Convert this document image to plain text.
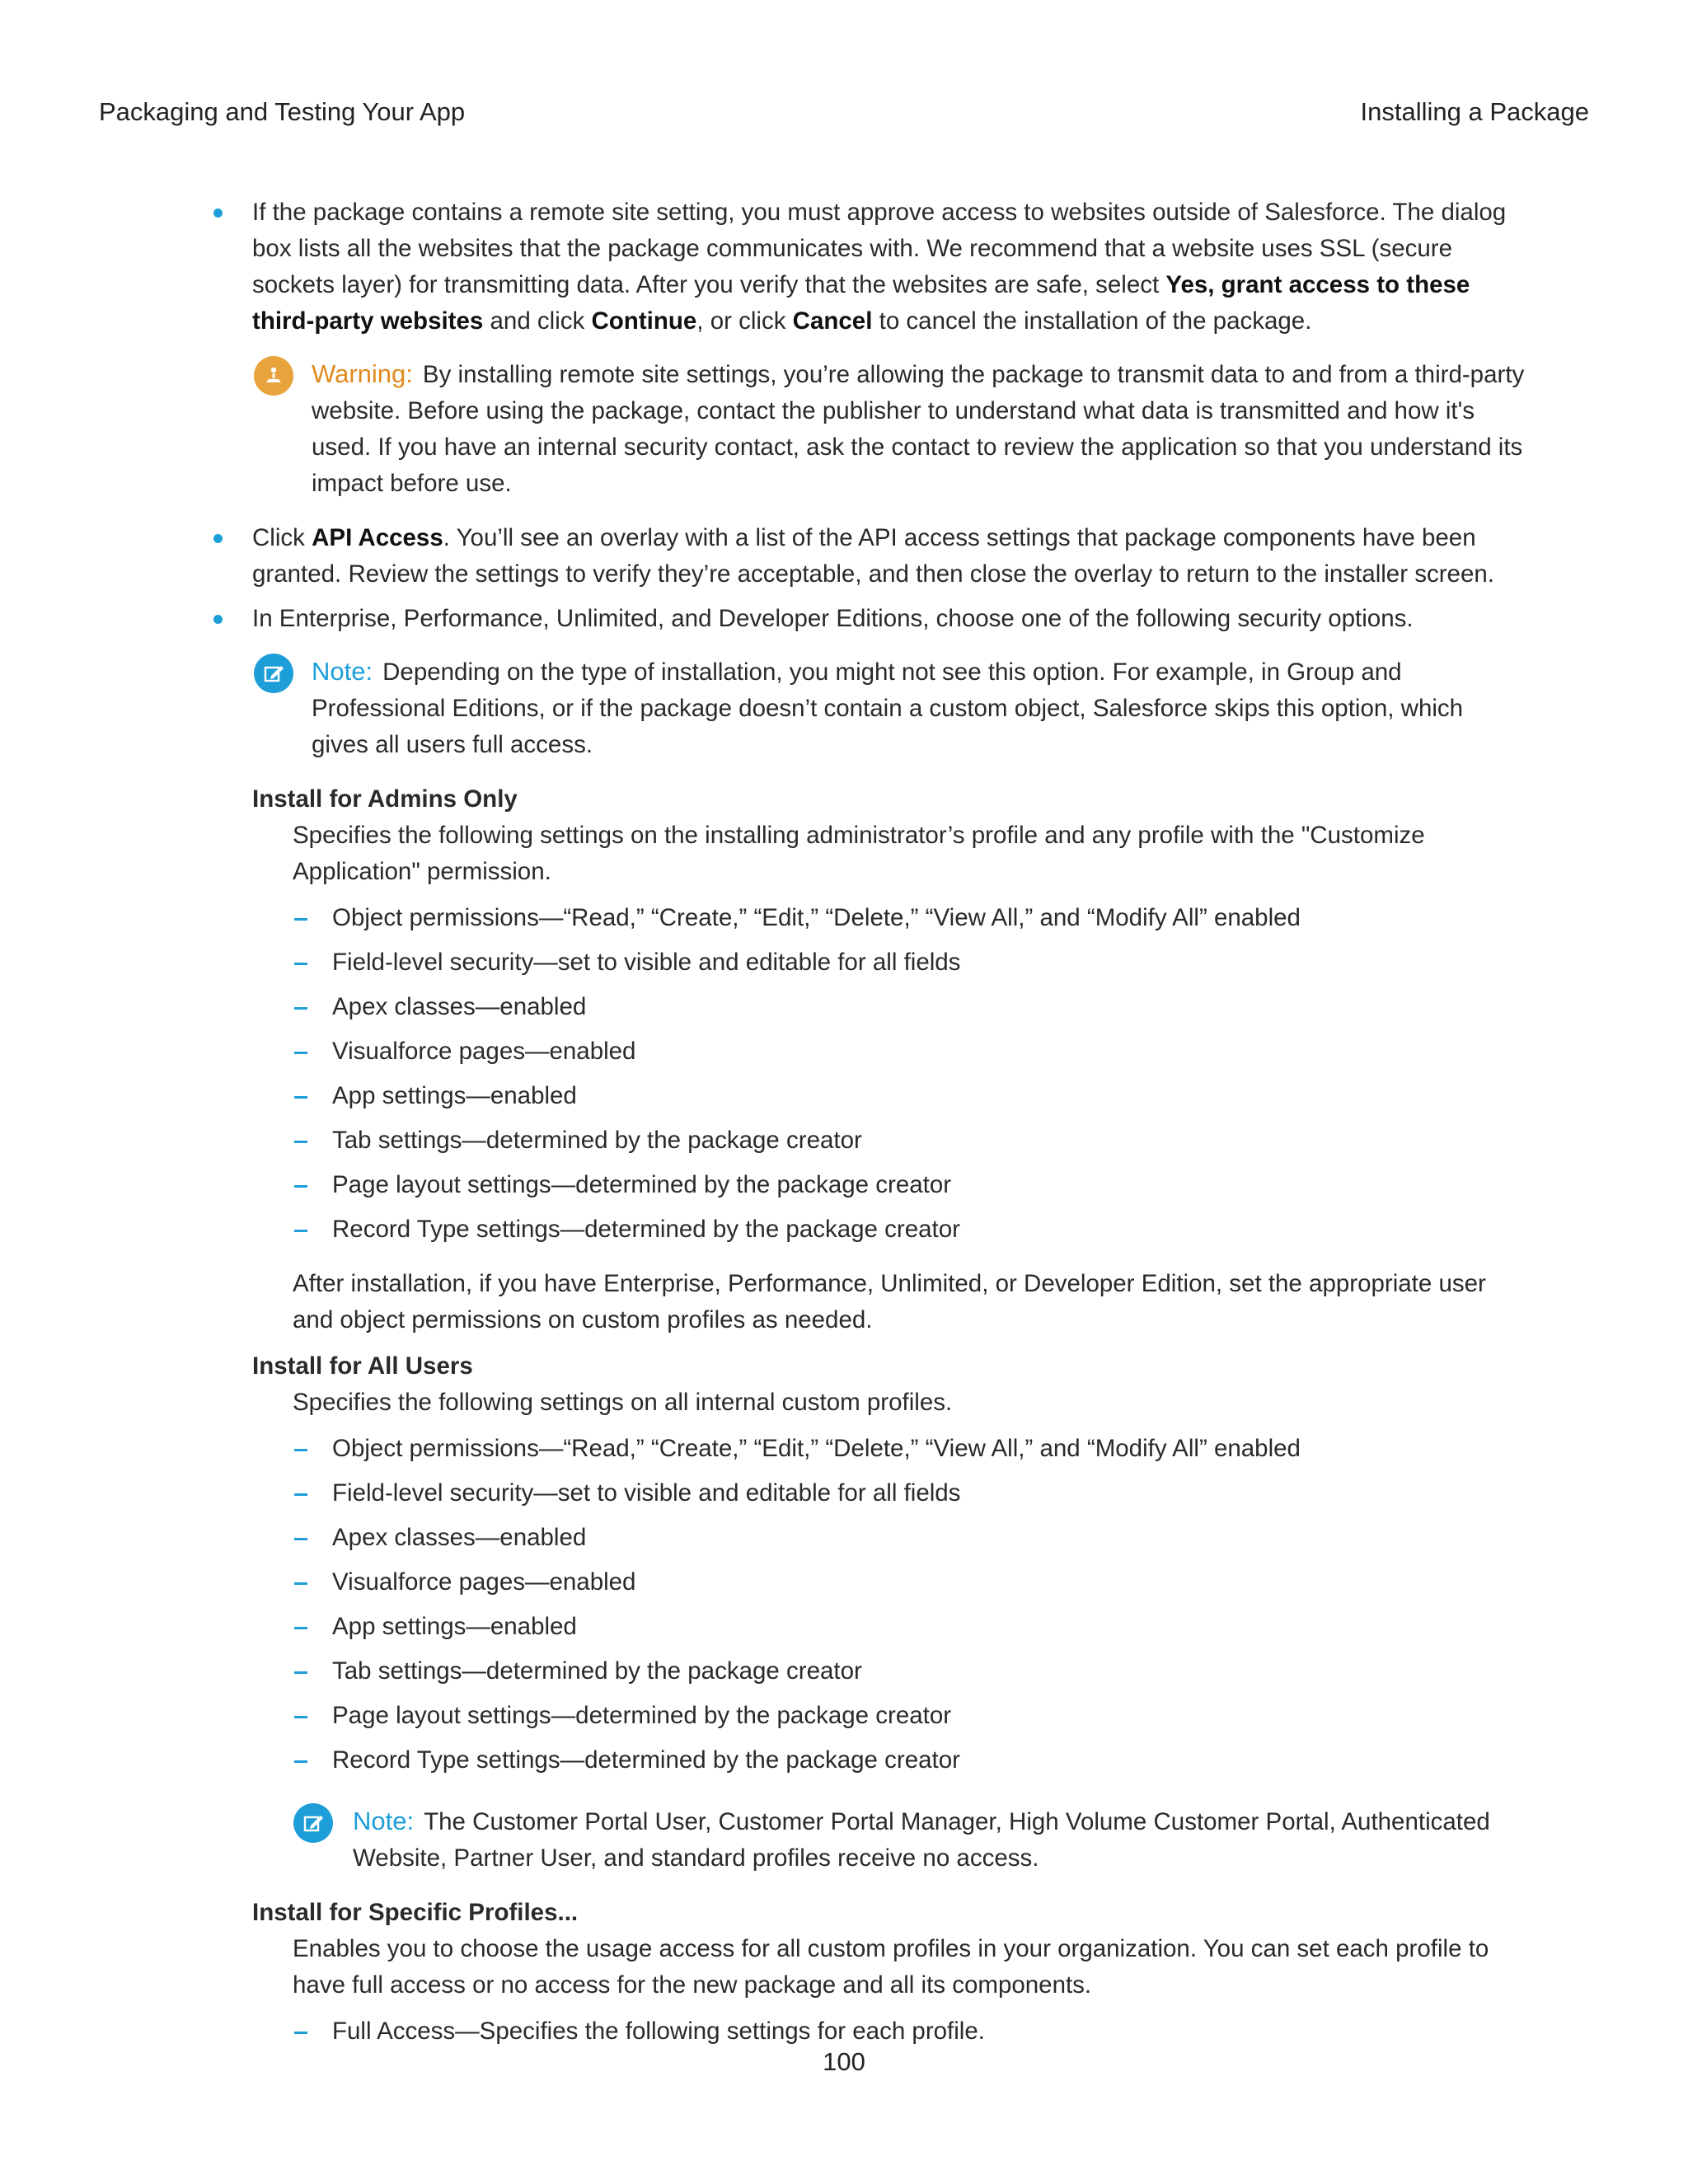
Packaging and Testing Your App	Installing a Package
If the package contains a remote site setting, you must approve access to websites outside of Salesforce. The dialog box lists all the websites that the package communicates with. We recommend that a website uses SSL (secure sockets layer) for transmitting data. After you verify that the websites are safe, select Yes, grant access to these third-party websites and click Continue, or click Cancel to cancel the installation of the package.
Warning: By installing remote site settings, you’re allowing the package to transmit data to and from a third-party website. Before using the package, contact the publisher to understand what data is transmitted and how it's used. If you have an internal security contact, ask the contact to review the application so that you understand its impact before use.
Click API Access. You’ll see an overlay with a list of the API access settings that package components have been granted. Review the settings to verify they’re acceptable, and then close the overlay to return to the installer screen.
In Enterprise, Performance, Unlimited, and Developer Editions, choose one of the following security options.
Note: Depending on the type of installation, you might not see this option. For example, in Group and Professional Editions, or if the package doesn’t contain a custom object, Salesforce skips this option, which gives all users full access.
Install for Admins Only

Specifies the following settings on the installing administrator’s profile and any profile with the "Customize Application" permission.

Object permissions—“Read,” “Create,” “Edit,” “Delete,” “View All,” and “Modify All” enabled
Field-level security—set to visible and editable for all fields
Apex classes—enabled
Visualforce pages—enabled
App settings—enabled
Tab settings—determined by the package creator
Page layout settings—determined by the package creator
Record Type settings—determined by the package creator

After installation, if you have Enterprise, Performance, Unlimited, or Developer Edition, set the appropriate user and object permissions on custom profiles as needed.

Install for All Users

Specifies the following settings on all internal custom profiles.

Object permissions—“Read,” “Create,” “Edit,” “Delete,” “View All,” and “Modify All” enabled
Field-level security—set to visible and editable for all fields
Apex classes—enabled
Visualforce pages—enabled
App settings—enabled
Tab settings—determined by the package creator
Page layout settings—determined by the package creator
Record Type settings—determined by the package creator
Note: The Customer Portal User, Customer Portal Manager, High Volume Customer Portal, Authenticated Website, Partner User, and standard profiles receive no access.
Install for Specific Profiles...

Enables you to choose the usage access for all custom profiles in your organization. You can set each profile to have full access or no access for the new package and all its components.

Full Access—Specifies the following settings for each profile.
100
